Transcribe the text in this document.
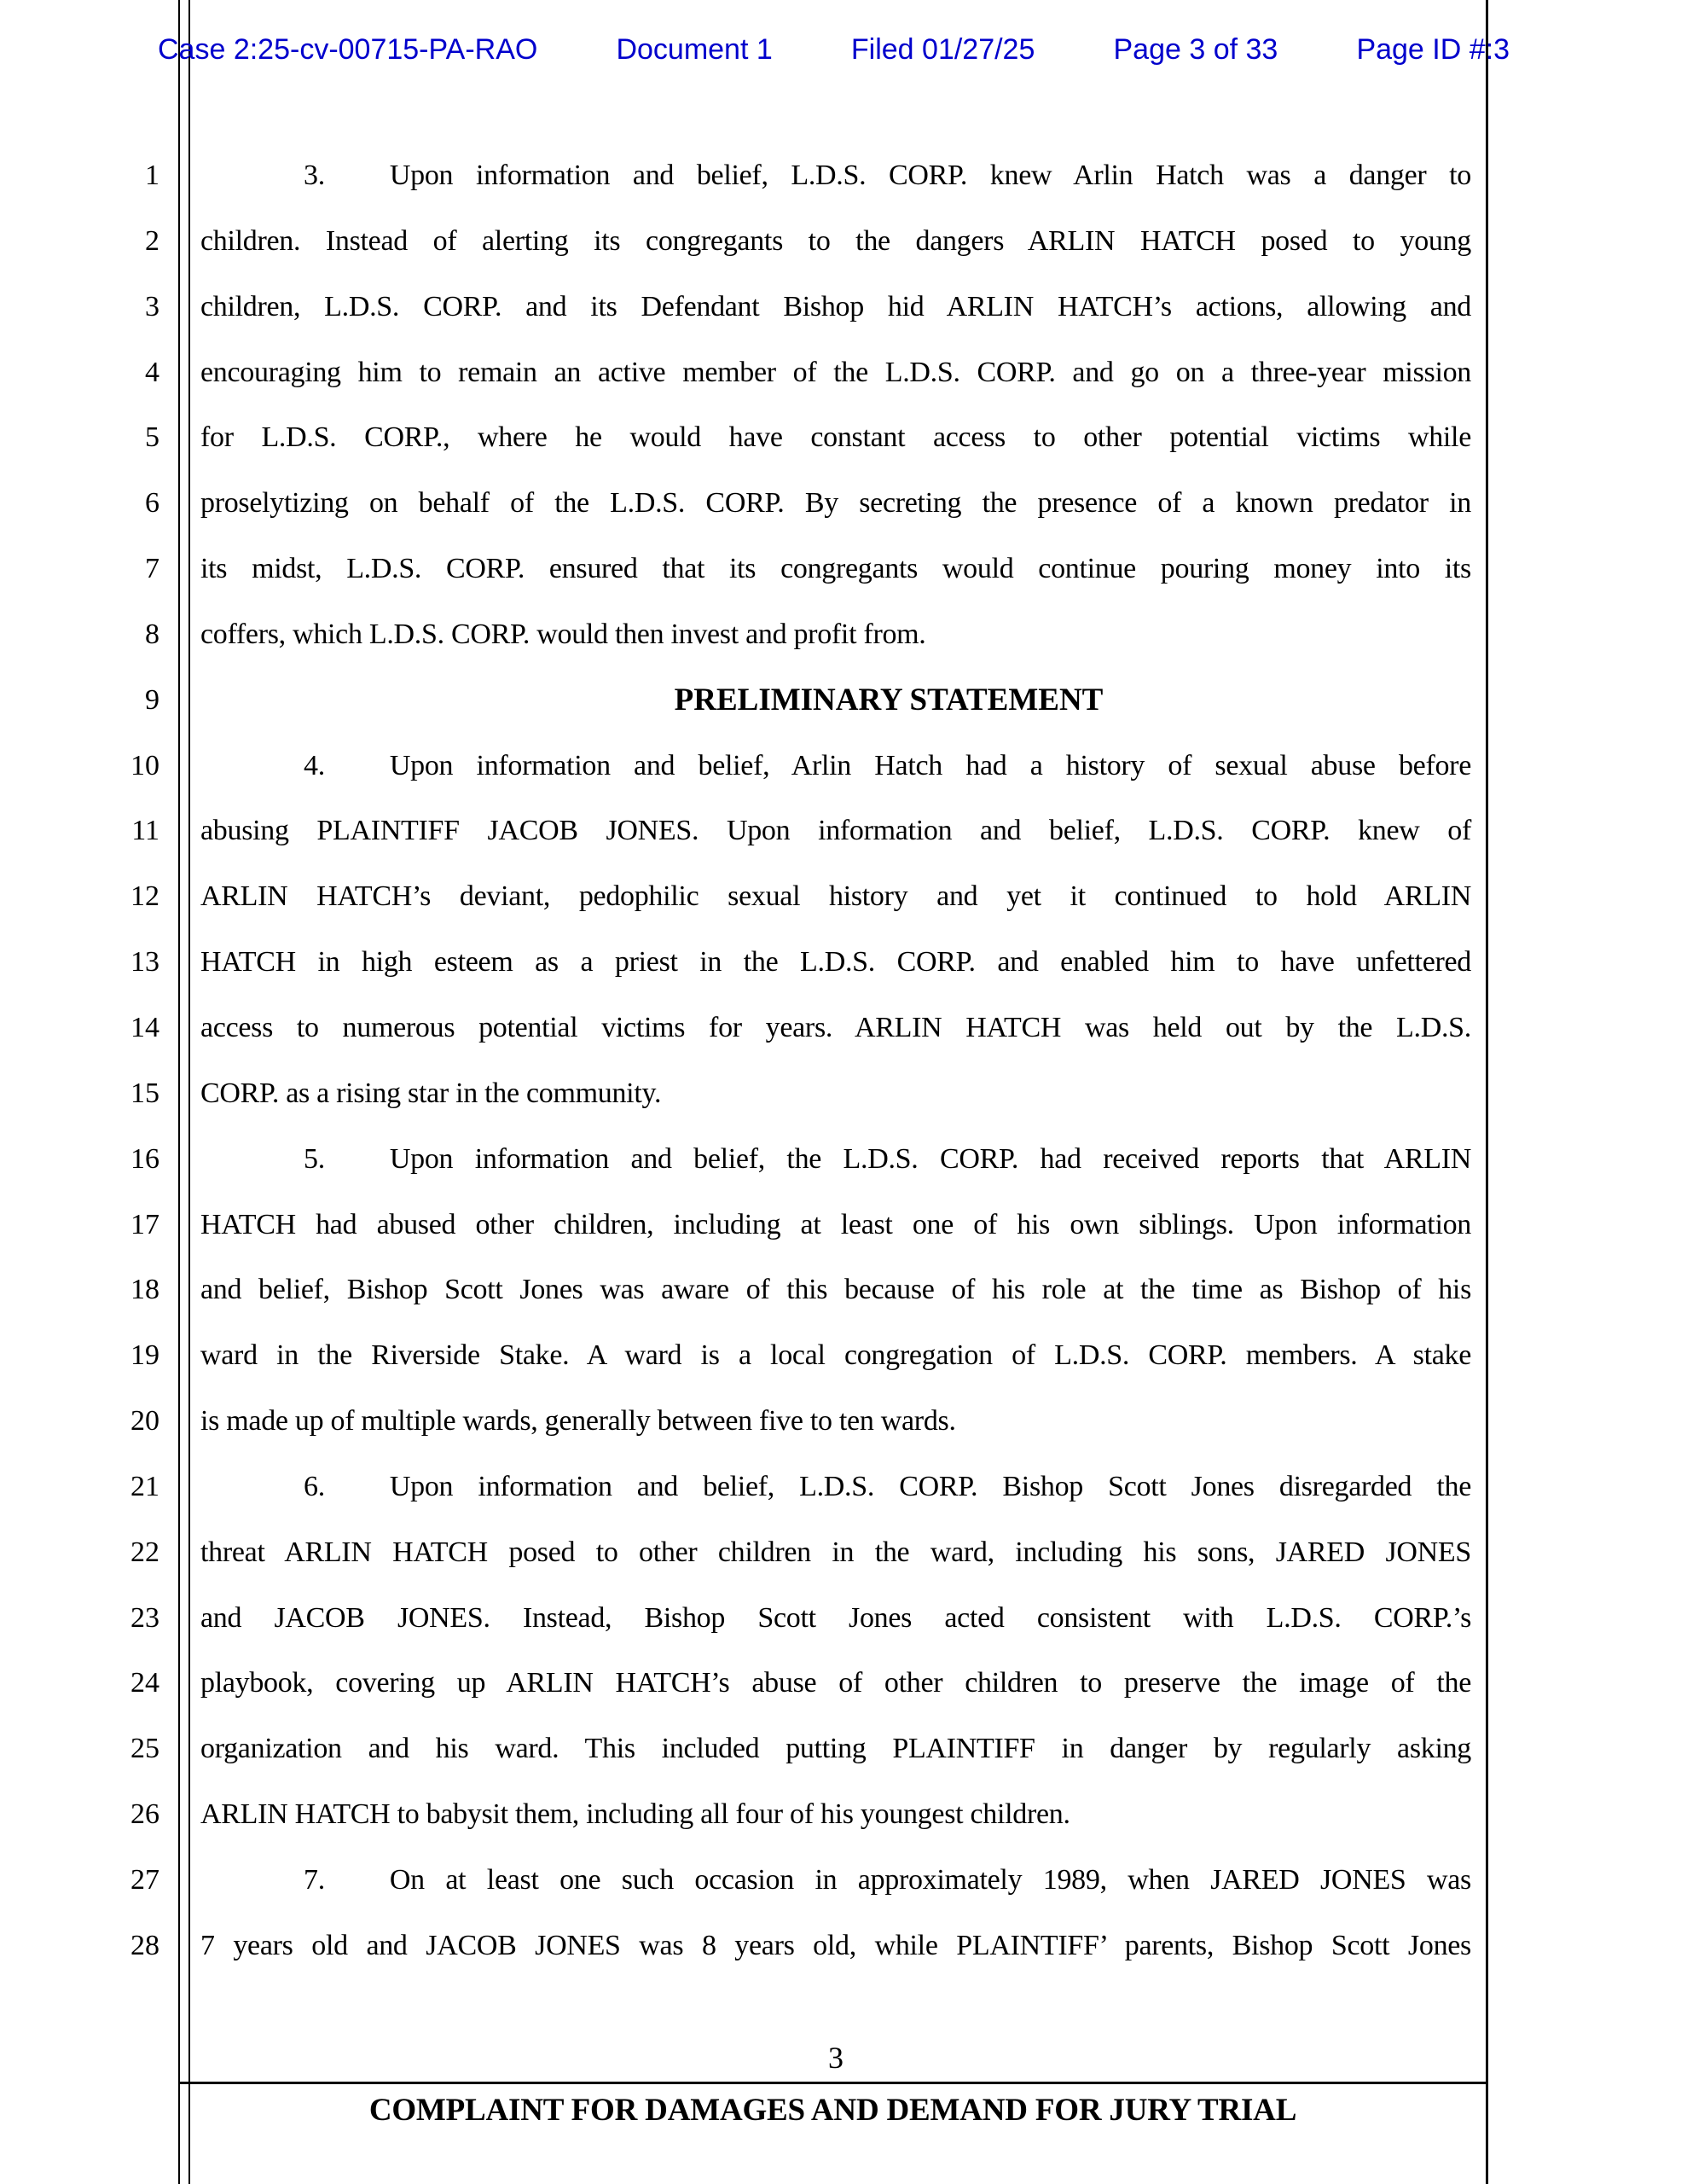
Case 2:25-cv-00715-PA-RAO	Document 1	Filed 01/27/25	Page 3 of 33	Page ID #:3
1	3. Upon information and belief, L.D.S. CORP. knew Arlin Hatch was a danger to
2 children. Instead of alerting its congregants to the dangers ARLIN HATCH posed to young
3 children, L.D.S. CORP. and its Defendant Bishop hid ARLIN HATCH’s actions, allowing and
4 encouraging him to remain an active member of the L.D.S. CORP. and go on a three-year mission
5 for L.D.S. CORP., where he would have constant access to other potential victims while
6 proselytizing on behalf of the L.D.S. CORP. By secreting the presence of a known predator in
7 its midst, L.D.S. CORP. ensured that its congregants would continue pouring money into its
8 coffers, which L.D.S. CORP. would then invest and profit from.
9	PRELIMINARY STATEMENT
10	4. Upon information and belief, Arlin Hatch had a history of sexual abuse before
11 abusing PLAINTIFF JACOB JONES. Upon information and belief, L.D.S. CORP. knew of
12 ARLIN HATCH’s deviant, pedophilic sexual history and yet it continued to hold ARLIN
13 HATCH in high esteem as a priest in the L.D.S. CORP. and enabled him to have unfettered
14 access to numerous potential victims for years. ARLIN HATCH was held out by the L.D.S.
15 CORP. as a rising star in the community.
16	5. Upon information and belief, the L.D.S. CORP. had received reports that ARLIN
17 HATCH had abused other children, including at least one of his own siblings. Upon information
18 and belief, Bishop Scott Jones was aware of this because of his role at the time as Bishop of his
19 ward in the Riverside Stake. A ward is a local congregation of L.D.S. CORP. members. A stake
20 is made up of multiple wards, generally between five to ten wards.
21	6. Upon information and belief, L.D.S. CORP. Bishop Scott Jones disregarded the
22 threat ARLIN HATCH posed to other children in the ward, including his sons, JARED JONES
23 and JACOB JONES. Instead, Bishop Scott Jones acted consistent with L.D.S. CORP.’s
24 playbook, covering up ARLIN HATCH’s abuse of other children to preserve the image of the
25 organization and his ward. This included putting PLAINTIFF in danger by regularly asking
26 ARLIN HATCH to babysit them, including all four of his youngest children.
27	7. On at least one such occasion in approximately 1989, when JARED JONES was
28 7 years old and JACOB JONES was 8 years old, while PLAINTIFF’ parents, Bishop Scott Jones
3
COMPLAINT FOR DAMAGES AND DEMAND FOR JURY TRIAL
